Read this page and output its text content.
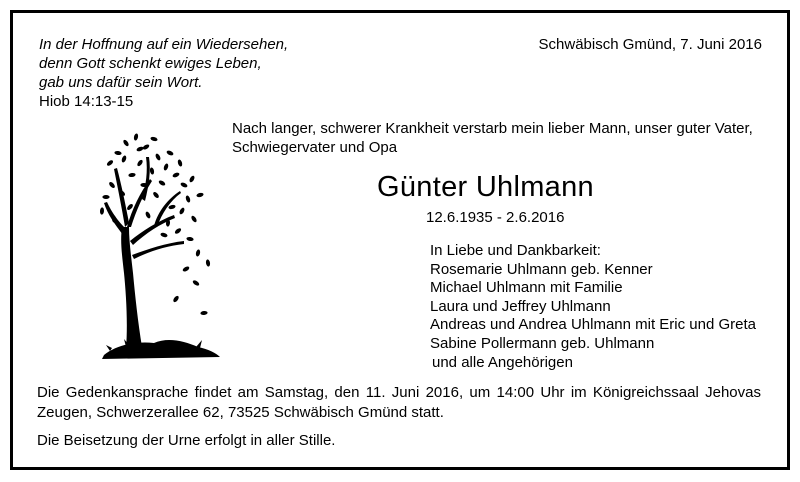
In der Hoffnung auf ein Wiedersehen,
denn Gott schenkt ewiges Leben,
gab uns dafür sein Wort.
Hiob 14:13-15
Schwäbisch Gmünd, 7. Juni 2016
Nach langer, schwerer Krankheit verstarb mein lieber Mann, unser guter Vater,
Schwiegervater und Opa
Günter Uhlmann
12.6.1935 - 2.6.2016
In Liebe und Dankbarkeit:
Rosemarie Uhlmann geb. Kenner
Michael Uhlmann mit Familie
Laura und Jeffrey Uhlmann
Andreas und Andrea Uhlmann mit Eric und Greta
Sabine Pollermann geb. Uhlmann
und alle Angehörigen
Die Gedenkansprache findet am Samstag, den 11. Juni 2016, um 14:00 Uhr im Königreichssaal Jehovas
Zeugen, Schwerzerallee 62, 73525 Schwäbisch Gmünd statt.
Die Beisetzung der Urne erfolgt in aller Stille.
